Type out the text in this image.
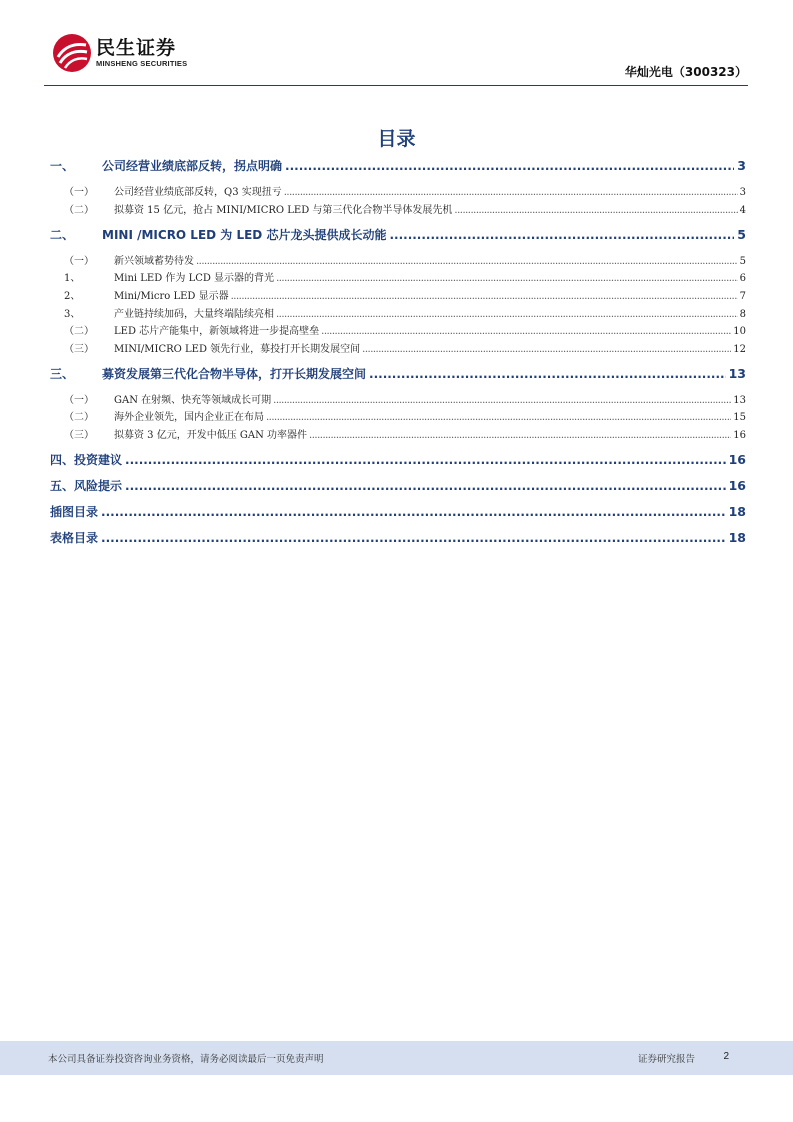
民生证券
MINSHENG SECURITIES
华灿光电（300323）
目录
一、	公司经营业绩底部反转，拐点明确 .....	3
（一）	公司经营业绩底部反转，Q3 实现扭亏 .....	3
（二）	拟募资 15 亿元，抢占 MINI/MICRO LED 与第三代化合物半导体发展先机 .....	4
二、	MINI /MICRO LED 为 LED 芯片龙头提供成长动能 .....	5
（一）	新兴领域蓄势待发 .....	5
1、	Mini LED 作为 LCD 显示器的背光 .....	6
2、	Mini/Micro LED 显示器 .....	7
3、	产业链持续加码，大量终端陆续亮相 .....	8
（二）	LED 芯片产能集中，新领域将进一步提高壁垒 .....	10
（三）	MINI/MICRO LED 领先行业，募投打开长期发展空间 .....	12
三、	募资发展第三代化合物半导体，打开长期发展空间 .....	13
（一）	GAN 在射频、快充等领域成长可期 .....	13
（二）	海外企业领先，国内企业正在布局 .....	15
（三）	拟募资 3 亿元，开发中低压 GAN 功率器件 .....	16
四、投资建议 .....	16
五、风险提示 .....	16
插图目录 .....	18
表格目录 .....	18
本公司具备证券投资咨询业务资格，请务必阅读最后一页免责声明	证券研究报告	2
